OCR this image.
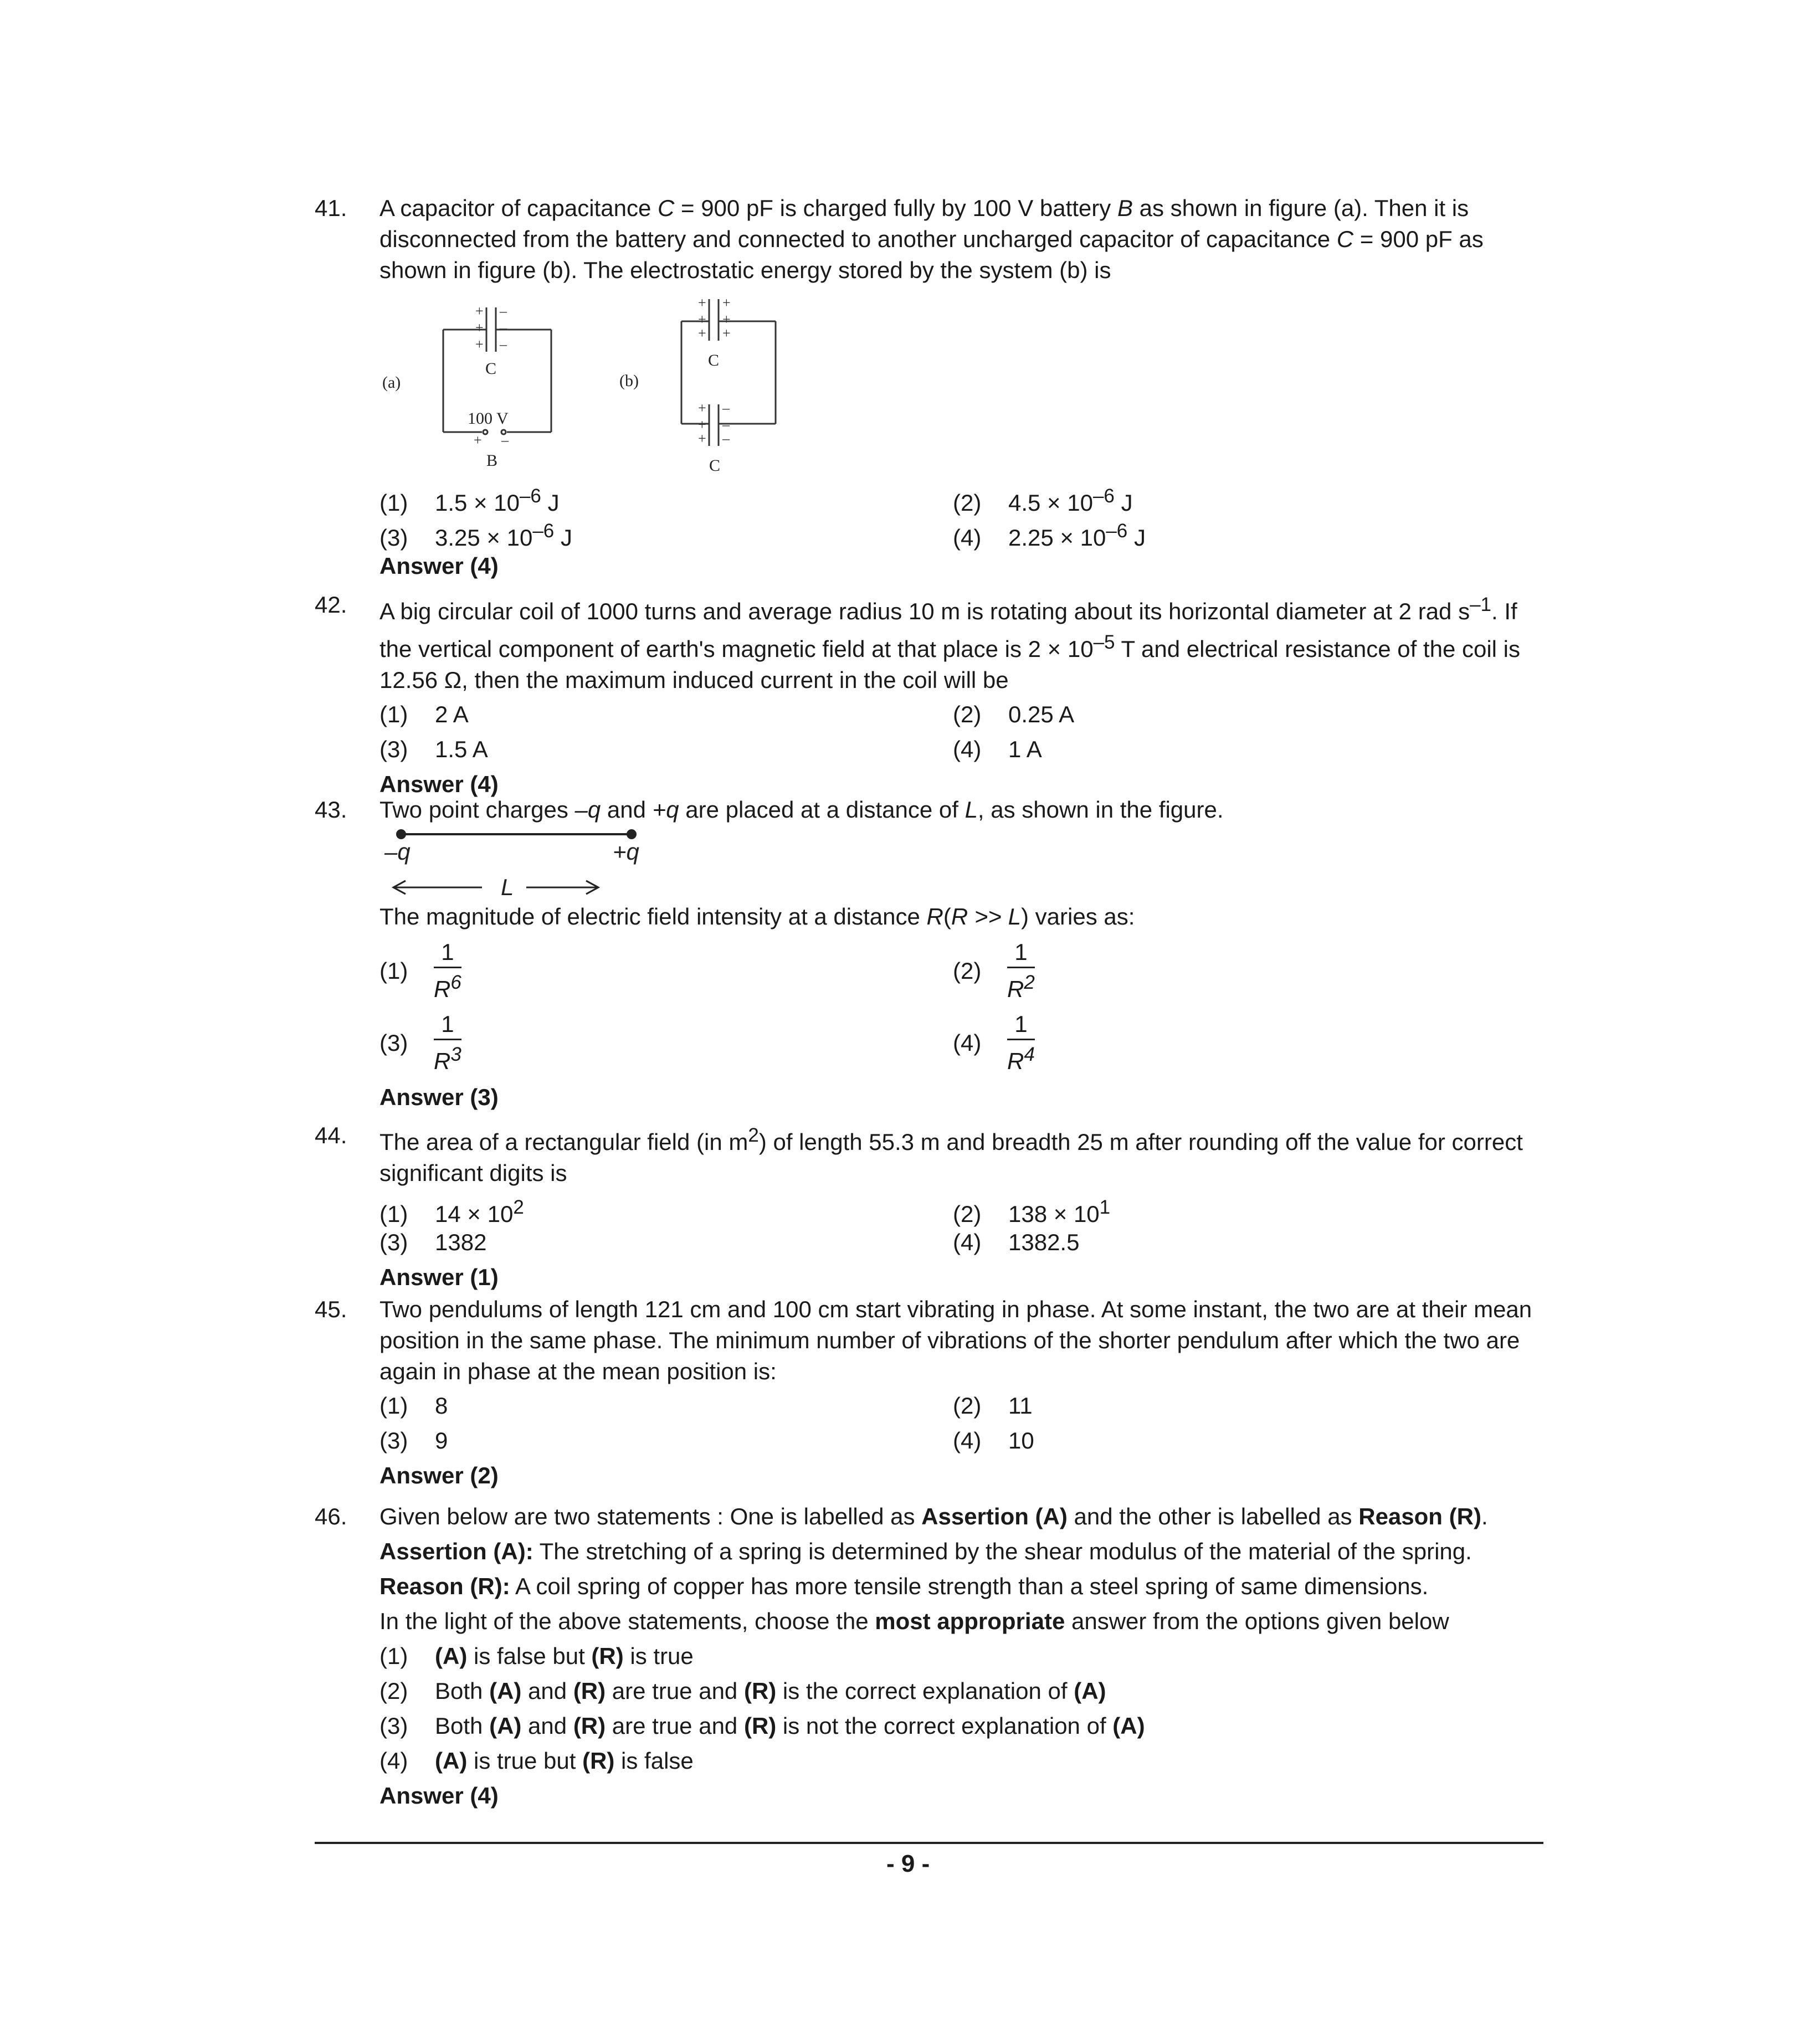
41.	A capacitor of capacitance C = 900 pF is charged fully by 100 V battery B as shown in figure (a). Then it is disconnected from the battery and connected to another uncharged capacitor of capacitance C = 900 pF as shown in figure (b). The electrostatic energy stored by the system (b) is
+
+
+
–
–
–
+
+
+
+
+
+
+
+
+
–
–
–
+ –
(a)	(b)
C
100 V
B
C
C
(1) $1.5 \times 10^{-6}$ J	(2) $4.5 \times 10^{-6}$ J
(3) $3.25 \times 10^{-6}$ J	(4) $2.25 \times 10^{-6}$ J
Answer (4)
42.	A big circular coil of 1000 turns and average radius 10 m is rotating about its horizontal diameter at 2 rad $s^{-1}$. If the vertical component of earth's magnetic field at that place is $2 \times 10^{-5}$ T and electrical resistance of the coil is 12.56 Ω, then the maximum induced current in the coil will be
(1) 2 A	(2) 0.25 A
(3) 1.5 A	(4) 1 A
Answer (4)
43.	Two point charges –q and +q are placed at a distance of L, as shown in the figure.
–q	+q
L
The magnitude of electric field intensity at a distance R(R >> L) varies as:
$(1) \frac{1}{R^6}$	$(2) \frac{1}{R^2}$
$(3) \frac{1}{R^3}$	$(4) \frac{1}{R^4}$
Answer (3)
44.	The area of a rectangular field (in $m^2$) of length 55.3 m and breadth 25 m after rounding off the value for correct significant digits is
(1) $14 \times 10^2$	(2) $138 \times 10^1$
(3) 1382	(4) 1382.5
Answer (1)
45.	Two pendulums of length 121 cm and 100 cm start vibrating in phase. At some instant, the two are at their mean position in the same phase. The minimum number of vibrations of the shorter pendulum after which the two are again in phase at the mean position is:
(1) 8	(2) 11
(3) 9	(4) 10
Answer (2)
46.	Given below are two statements : One is labelled as Assertion (A) and the other is labelled as Reason (R).
Assertion (A): The stretching of a spring is determined by the shear modulus of the material of the spring.
Reason (R): A coil spring of copper has more tensile strength than a steel spring of same dimensions.
In the light of the above statements, choose the most appropriate answer from the options given below
(1) (A) is false but (R) is true
(2) Both (A) and (R) are true and (R) is the correct explanation of (A)
(3) Both (A) and (R) are true and (R) is not the correct explanation of (A)
(4) (A) is true but (R) is false
Answer (4)
- 9 -
